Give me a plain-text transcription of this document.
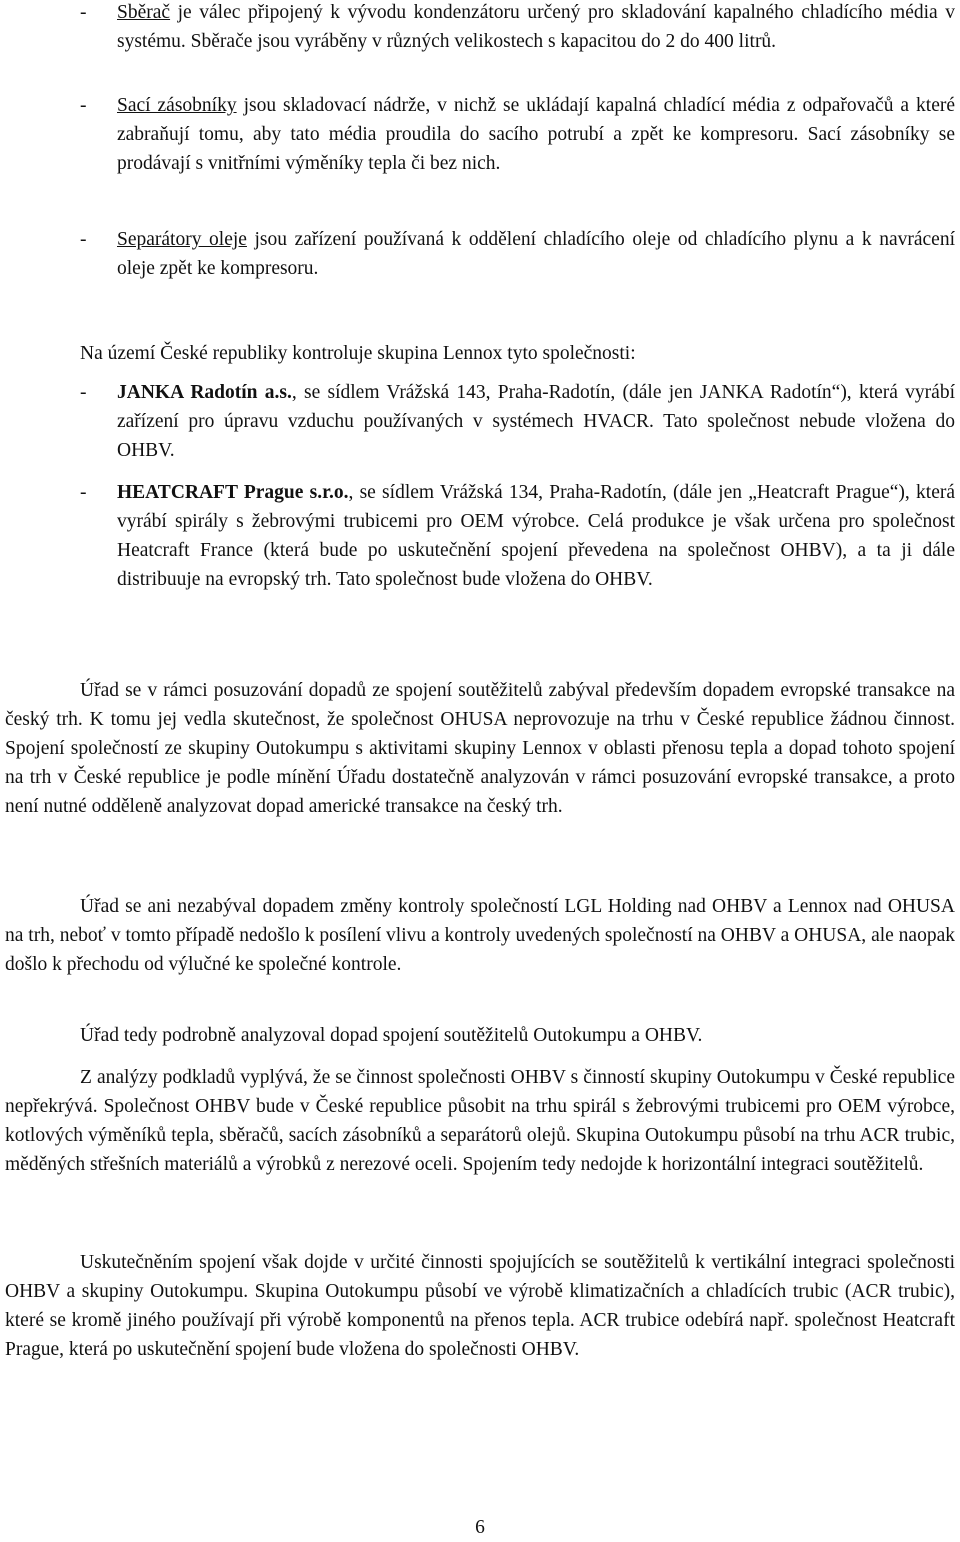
- Sběrač je válec připojený k vývodu kondenzátoru určený pro skladování kapalného chladícího média v systému. Sběrače jsou vyráběny v různých velikostech s kapacitou do 2 do 400 litrů.
- Sací zásobníky jsou skladovací nádrže, v nichž se ukládají kapalná chladící média z odpařovačů a které zabraňují tomu, aby tato média proudila do sacího potrubí a zpět ke kompresoru. Sací zásobníky se prodávají s vnitřními výměníky tepla či bez nich.
- Separátory oleje jsou zařízení používaná k oddělení chladícího oleje od chladícího plynu a k navrácení oleje zpět ke kompresoru.
Na území České republiky kontroluje skupina Lennox tyto společnosti:
- JANKA Radotín a.s., se sídlem Vrážská 143, Praha-Radotín, (dále jen JANKA Radotín“), která vyrábí zařízení pro úpravu vzduchu používaných v systémech HVACR. Tato společnost nebude vložena do OHBV.
- HEATCRAFT Prague s.r.o., se sídlem Vrážská 134, Praha-Radotín, (dále jen „Heatcraft Prague“), která vyrábí spirály s žebrovými trubicemi pro OEM výrobce. Celá produkce je však určena pro společnost Heatcraft France (která bude po uskutečnění spojení převedena na společnost OHBV), a ta ji dále distribuuje na evropský trh. Tato společnost bude vložena do OHBV.
Úřad se v rámci posuzování dopadů ze spojení soutěžitelů zabýval především dopadem evropské transakce na český trh. K tomu jej vedla skutečnost, že společnost OHUSA neprovozuje na trhu v České republice žádnou činnost. Spojení společností ze skupiny Outokumpu s aktivitami skupiny Lennox v oblasti přenosu tepla a dopad tohoto spojení na trh v České republice je podle mínění Úřadu dostatečně analyzován v rámci posuzování evropské transakce, a proto není nutné odděleně analyzovat dopad americké transakce na český trh.
Úřad se ani nezabýval dopadem změny kontroly společností LGL Holding nad OHBV a Lennox nad OHUSA na trh, neboť v tomto případě nedošlo k posílení vlivu a kontroly uvedených společností na OHBV a OHUSA, ale naopak došlo k přechodu od výlučné ke společné kontrole.
Úřad tedy podrobně analyzoval dopad spojení soutěžitelů Outokumpu a OHBV.
Z analýzy podkladů vyplývá, že se činnost společnosti OHBV s činností skupiny Outokumpu v České republice nepřekrývá. Společnost OHBV bude v České republice působit na trhu spirál s žebrovými trubicemi pro OEM výrobce, kotlových výměníků tepla, sběračů, sacích zásobníků a separátorů olejů. Skupina Outokumpu působí na trhu ACR trubic, měděných střešních materiálů a výrobků z nerezové oceli. Spojením tedy nedojde k horizontální integraci soutěžitelů.
Uskutečněním spojení však dojde v určité činnosti spojujících se soutěžitelů k vertikální integraci společnosti OHBV a skupiny Outokumpu. Skupina Outokumpu působí ve výrobě klimatizačních a chladících trubic (ACR trubic), které se kromě jiného používají při výrobě komponentů na přenos tepla. ACR trubice odebírá např. společnost Heatcraft Prague, která po uskutečnění spojení bude vložena do společnosti OHBV.
6
